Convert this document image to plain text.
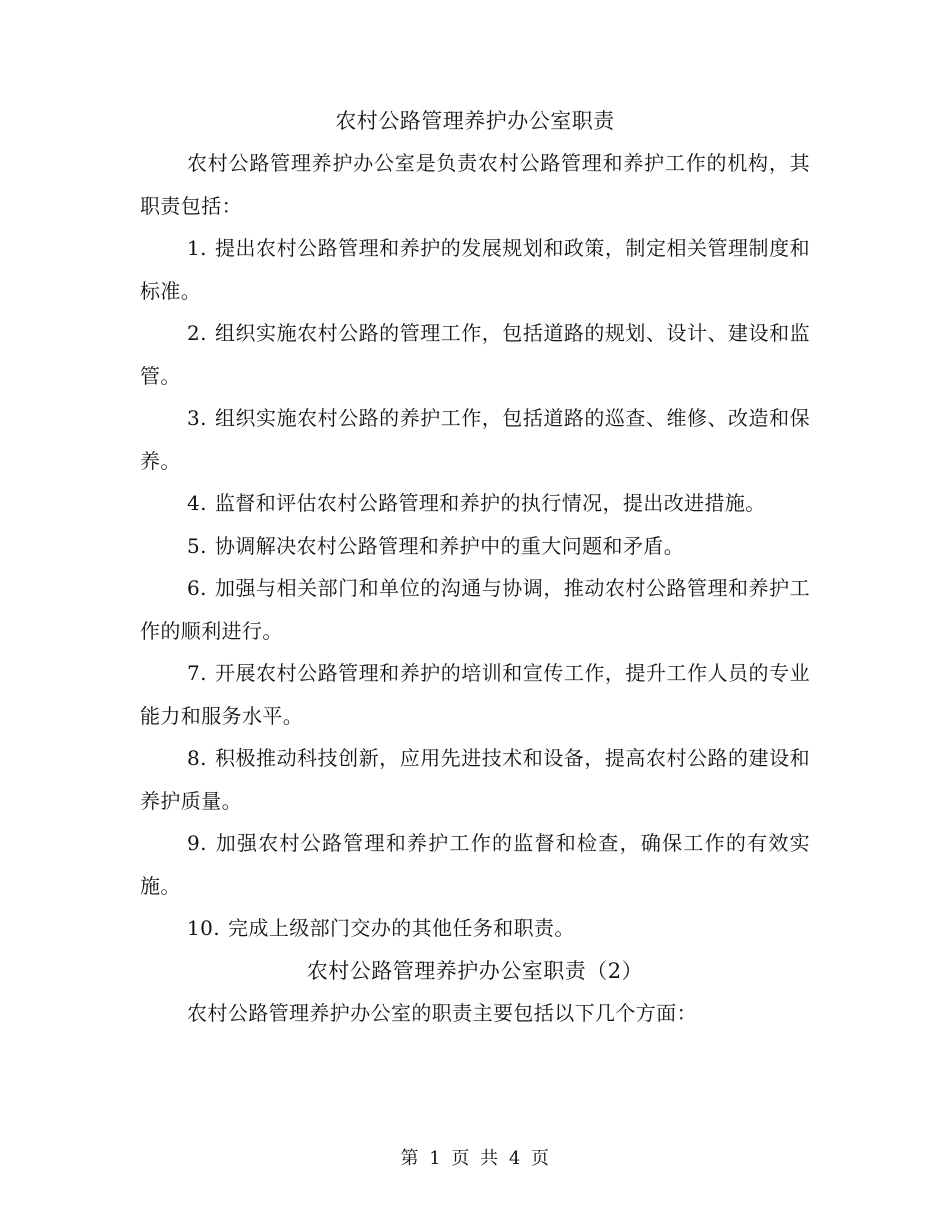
农村公路管理养护办公室职责

农村公路管理养护办公室是负责农村公路管理和养护工作的机构，其职责包括：

1. 提出农村公路管理和养护的发展规划和政策，制定相关管理制度和标准。

2. 组织实施农村公路的管理工作，包括道路的规划、设计、建设和监管。

3. 组织实施农村公路的养护工作，包括道路的巡查、维修、改造和保养。

4. 监督和评估农村公路管理和养护的执行情况，提出改进措施。

5. 协调解决农村公路管理和养护中的重大问题和矛盾。

6. 加强与相关部门和单位的沟通与协调，推动农村公路管理和养护工作的顺利进行。

7. 开展农村公路管理和养护的培训和宣传工作，提升工作人员的专业能力和服务水平。

8. 积极推动科技创新，应用先进技术和设备，提高农村公路的建设和养护质量。

9. 加强农村公路管理和养护工作的监督和检查，确保工作的有效实施。

10. 完成上级部门交办的其他任务和职责。

农村公路管理养护办公室职责（2）

农村公路管理养护办公室的职责主要包括以下几个方面：

第 1 页 共 4 页
